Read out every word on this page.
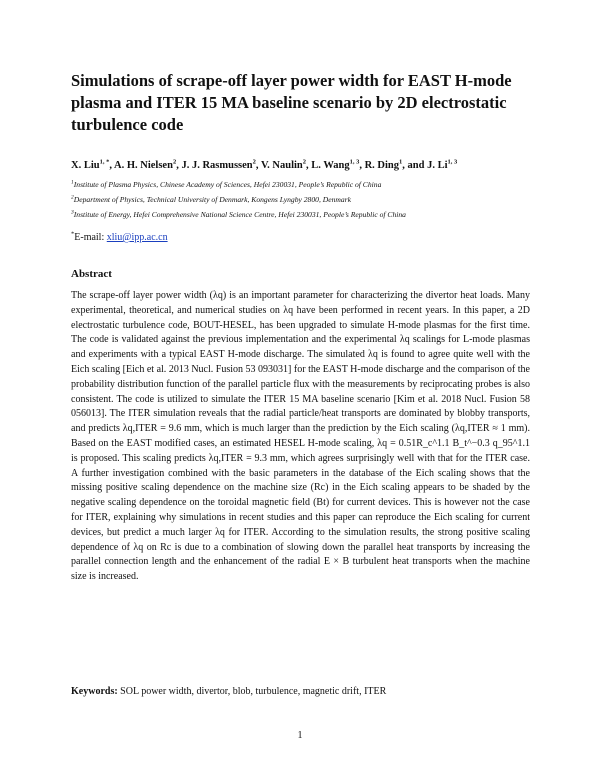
Simulations of scrape-off layer power width for EAST H-mode plasma and ITER 15 MA baseline scenario by 2D electrostatic turbulence code
X. Liu$^{1, *}$, A. H. Nielsen$^2$, J. J. Rasmussen$^2$, V. Naulin$^2$, L. Wang$^{1, 3}$, R. Ding$^1$, and J. Li$^{1, 3}$
$^1$Institute of Plasma Physics, Chinese Academy of Sciences, Hefei 230031, People’s Republic of China
$^2$Department of Physics, Technical University of Denmark, Kongens Lyngby 2800, Denmark
$^3$Institute of Energy, Hefei Comprehensive National Science Centre, Hefei 230031, People’s Republic of China
*E-mail: xliu@ipp.ac.cn
Abstract

The scrape-off layer power width (λq) is an important parameter for characterizing the divertor heat loads. Many experimental, theoretical, and numerical studies on λq have been performed in recent years. In this paper, a 2D electrostatic turbulence code, BOUT-HESEL, has been upgraded to simulate H-mode plasmas for the first time. The code is validated against the previous implementation and the experimental λq scalings for L-mode plasmas and experiments with a typical EAST H-mode discharge. The simulated λq is found to agree quite well with the Eich scaling [Eich et al. 2013 Nucl. Fusion 53 093031] for the EAST H-mode discharge and the comparison of the probability distribution function of the parallel particle flux with the measurements by reciprocating probes is also consistent. The code is utilized to simulate the ITER 15 MA baseline scenario [Kim et al. 2018 Nucl. Fusion 58 056013]. The ITER simulation reveals that the radial particle/heat transports are dominated by blobby transports, and predicts λq,ITER = 9.6 mm, which is much larger than the prediction by the Eich scaling (λq,ITER ≈ 1 mm). Based on the EAST modified cases, an estimated HESEL H-mode scaling, λq = 0.51R_c^1.1 B_t^−0.3 q_95^1.1 is proposed. This scaling predicts λq,ITER = 9.3 mm, which agrees surprisingly well with that for the ITER case. A further investigation combined with the basic parameters in the database of the Eich scaling shows that the missing positive scaling dependence on the machine size (Rc) in the Eich scaling appears to be shaded by the negative scaling dependence on the toroidal magnetic field (Bt) for current devices. This is however not the case for ITER, explaining why simulations in recent studies and this paper can reproduce the Eich scaling for current devices, but predict a much larger λq for ITER. According to the simulation results, the strong positive scaling dependence of λq on Rc is due to a combination of slowing down the parallel heat transports by increasing the parallel connection length and the enhancement of the radial E × B turbulent heat transports when the machine size is increased.

Keywords: SOL power width, divertor, blob, turbulence, magnetic drift, ITER
1
